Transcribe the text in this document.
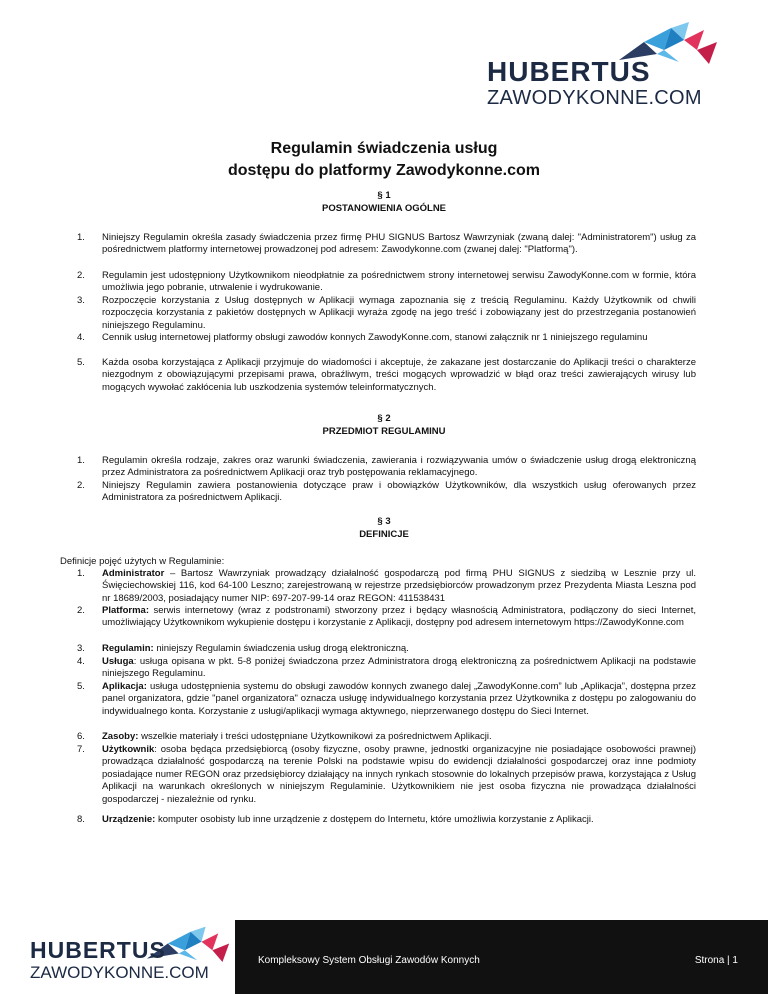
HUBERTUS
ZAWODYKONNE.COM
Regulamin świadczenia usług
dostępu do platformy Zawodykonne.com
§ 1
POSTANOWIENIA OGÓLNE
1. Niniejszy Regulamin określa zasady świadczenia przez firmę PHU SIGNUS Bartosz Wawrzyniak (zwaną dalej: "Administratorem") usług za pośrednictwem platformy internetowej prowadzonej pod adresem: Zawodykonne.com (zwanej dalej: "Platformą").
2. Regulamin jest udostępniony Użytkownikom nieodpłatnie za pośrednictwem strony internetowej serwisu ZawodyKonne.com w formie, która umożliwia jego pobranie, utrwalenie i wydrukowanie.
3. Rozpoczęcie korzystania z Usług dostępnych w Aplikacji wymaga zapoznania się z treścią Regulaminu. Każdy Użytkownik od chwili rozpoczęcia korzystania z pakietów dostępnych w Aplikacji wyraża zgodę na jego treść i zobowiązany jest do przestrzegania postanowień niniejszego Regulaminu.
4. Cennik usług internetowej platformy obsługi zawodów konnych ZawodyKonne.com, stanowi załącznik nr 1 niniejszego regulaminu
5. Każda osoba korzystająca z Aplikacji przyjmuje do wiadomości i akceptuje, że zakazane jest dostarczanie do Aplikacji treści o charakterze niezgodnym z obowiązującymi przepisami prawa, obraźliwym, treści mogących wprowadzić w błąd oraz treści zawierających wirusy lub mogących wywołać zakłócenia lub uszkodzenia systemów teleinformatycznych.
§ 2
PRZEDMIOT REGULAMINU
1. Regulamin określa rodzaje, zakres oraz warunki świadczenia, zawierania i rozwiązywania umów o świadczenie usług drogą elektroniczną przez Administratora za pośrednictwem Aplikacji oraz tryb postępowania reklamacyjnego.
2. Niniejszy Regulamin zawiera postanowienia dotyczące praw i obowiązków Użytkowników, dla wszystkich usług oferowanych przez Administratora za pośrednictwem Aplikacji.
§ 3
DEFINICJE
Definicje pojęć użytych w Regulaminie:
1. Administrator – Bartosz Wawrzyniak prowadzący działalność gospodarczą pod firmą PHU SIGNUS z siedzibą w Lesznie przy ul. Święciechowskiej 116, kod 64-100 Leszno; zarejestrowaną w rejestrze przedsiębiorców prowadzonym przez Prezydenta Miasta Leszna pod nr 18689/2003, posiadający numer NIP: 697-207-99-14 oraz REGON: 411538431
2. Platforma: serwis internetowy (wraz z podstronami) stworzony przez i będący własnością Administratora, podłączony do sieci Internet, umożliwiający Użytkownikom wykupienie dostępu i korzystanie z Aplikacji, dostępny pod adresem internetowym https://ZawodyKonne.com
3. Regulamin: niniejszy Regulamin świadczenia usług drogą elektroniczną.
4. Usługa: usługa opisana w pkt. 5-8 poniżej świadczona przez Administratora drogą elektroniczną za pośrednictwem Aplikacji na podstawie niniejszego Regulaminu.
5. Aplikacja: usługa udostępnienia systemu do obsługi zawodów konnych zwanego dalej „ZawodyKonne.com” lub „Aplikacja”, dostępna przez panel organizatora, gdzie "panel organizatora" oznacza usługę indywidualnego korzystania przez Użytkownika z dostępu po zalogowaniu do indywidualnego konta. Korzystanie z usługi/aplikacji wymaga aktywnego, nieprzerwanego dostępu do Sieci Internet.
6. Zasoby: wszelkie materiały i treści udostępniane Użytkownikowi za pośrednictwem Aplikacji.
7. Użytkownik: osoba będąca przedsiębiorcą (osoby fizyczne, osoby prawne, jednostki organizacyjne nie posiadające osobowości prawnej) prowadząca działalność gospodarczą na terenie Polski na podstawie wpisu do ewidencji działalności gospodarczej oraz inne podmioty posiadające numer REGON oraz przedsiębiorcy działający na innych rynkach stosownie do lokalnych przepisów prawa, korzystająca z Usług Aplikacji na warunkach określonych w niniejszym Regulaminie. Użytkownikiem nie jest osoba fizyczna nie prowadząca działalności gospodarczej - niezależnie od rynku.
8. Urządzenie: komputer osobisty lub inne urządzenie z dostępem do Internetu, które umożliwia korzystanie z Aplikacji.
Kompleksowy System Obsługi Zawodów Konnych	Strona | 1
HUBERTUS
ZAWODYKONNE.COM
